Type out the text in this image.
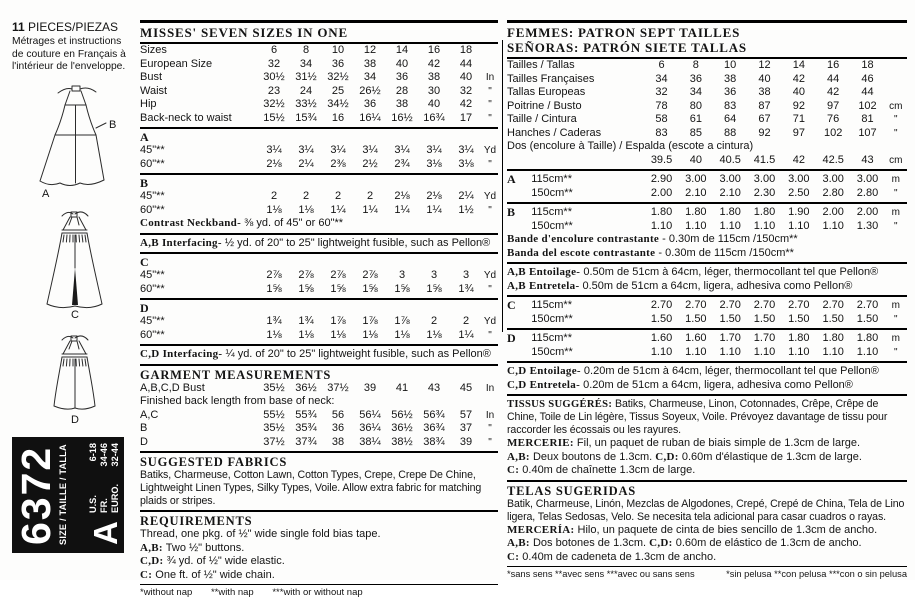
11 PIECES/PIEZAS
Métrages et instructions de couture en Français à l'intérieur de l'enveloppe.
B
A
C
D
6372 SIZE / TAILLE / TALLA A
U.S.
6-18
FR.
34-46
EURO.
32-44
MISSES' SEVEN SIZES IN ONE
Sizes	6	8	10	12	14	16	18	
European Size	32	34	36	38	40	42	44	
Bust	30½	31½	32½	34	36	38	40	In
Waist	23	24	25	26½	28	30	32	"
Hip	32½	33½	34½	36	38	40	42	"
Back-neck to waist	15½	15¾	16	16¼	16½	16¾	17	"
A
45"**	3¼	3¼	3¼	3¼	3¼	3¼	3¼	Yd
60"**	2⅛	2¼	2⅜	2½	2¾	3⅛	3⅛	"
B
45"**	2	2	2	2	2⅛	2⅛	2¼	Yd
60"**	1⅛	1⅛	1¼	1¼	1¼	1¼	1½	"
Contrast Neckband- ⅜ yd. of 45" or 60"**
A,B Interfacing- ½ yd. of 20" to 25" lightweight fusible, such as Pellon®
C
45"**	2⅞	2⅞	2⅞	2⅞	3	3	3	Yd
60"**	1⅝	1⅝	1⅝	1⅝	1⅝	1⅝	1¾	"
D
45"**	1¾	1¾	1⅞	1⅞	1⅞	2	2	Yd
60"**	1⅛	1⅛	1⅛	1⅛	1⅛	1⅛	1¼	"
C,D Interfacing- ¼ yd. of 20" to 25" lightweight fusible, such as Pellon®
GARMENT MEASUREMENTS
A,B,C,D Bust	35½	36½	37½	39	41	43	45	In
Finished back length from base of neck:								
A,C	55½	55¾	56	56¼	56½	56¾	57	In
B	35½	35¾	36	36¼	36½	36¾	37	"
D	37½	37¾	38	38¼	38½	38¾	39	"
SUGGESTED FABRICS
Batiks, Charmeuse, Cotton Lawn, Cotton Types, Crepe, Crepe De Chine, Lightweight Linen Types, Silky Types, Voile. Allow extra fabric for matching plaids or stripes.
REQUIREMENTS
Thread, one pkg. of ½" wide single fold bias tape.
A,B: Two ½" buttons.
C,D: ¾ yd. of ½" wide elastic.
C: One ft. of ½" wide chain.
*without nap **with nap ***with or without nap
FEMMES: PATRON SEPT TAILLES
SEÑORAS: PATRÓN SIETE TALLAS
Tailles / Tallas	6	8	10	12	14	16	18	
Tailles Françaises	34	36	38	40	42	44	46	
Tallas Europeas	32	34	36	38	40	42	44	
Poitrine / Busto	78	80	83	87	92	97	102	cm
Taille / Cintura	58	61	64	67	71	76	81	"
Hanches / Caderas	83	85	88	92	97	102	107	"
Dos (encolure à Taille) / Espalda (escote a cintura)								
	39.5	40	40.5	41.5	42	42.5	43	cm
A	115cm**	2.90	3.00	3.00	3.00	3.00	3.00	3.00	m
	150cm**	2.00	2.10	2.10	2.30	2.50	2.80	2.80	"
B	115cm**	1.80	1.80	1.80	1.80	1.90	2.00	2.00	m
	150cm**	1.10	1.10	1.10	1.10	1.10	1.10	1.30	"
Bande d'encolure contrastante - 0.30m de 115cm /150cm**
Banda del escote contrastante - 0.30m de 115cm /150cm**
A,B Entoilage- 0.50m de 51cm à 64cm, léger, thermocollant tel que Pellon®
A,B Entretela- 0.50m de 51cm a 64cm, ligera, adhesiva como Pellon®
C	115cm**	2.70	2.70	2.70	2.70	2.70	2.70	2.70	m
	150cm**	1.50	1.50	1.50	1.50	1.50	1.50	1.50	"
D	115cm**	1.60	1.60	1.70	1.70	1.80	1.80	1.80	m
	150cm**	1.10	1.10	1.10	1.10	1.10	1.10	1.10	"
C,D Entoilage- 0.20m de 51cm à 64cm, léger, thermocollant tel que Pellon®
C,D Entretela- 0.20m de 51cm a 64cm, ligera, adhesiva como Pellon®
TISSUS SUGGÉRÉS: Batiks, Charmeuse, Linon, Cotonnades, Crêpe, Crêpe de Chine, Toile de Lin légère, Tissus Soyeux, Voile. Prévoyez davantage de tissu pour raccorder les écossais ou les rayures.
MERCERIE: Fil, un paquet de ruban de biais simple de 1.3cm de large.
A,B: Deux boutons de 1.3cm. C,D: 0.60m d'élastique de 1.3cm de large.
C: 0.40m de chaînette 1.3cm de large.
TELAS SUGERIDAS
Batik, Charmeuse, Linón, Mezclas de Algodones, Crepé, Crepé de China, Tela de Lino ligera, Telas Sedosas, Velo. Se necesita tela adicional para casar cuadros o rayas.
MERCERÍA: Hilo, un paquete de cinta de bies sencillo de 1.3cm de ancho.
A,B: Dos botones de 1.3cm. C,D: 0.60m de elástico de 1.3cm de ancho.
C: 0.40m de cadeneta de 1.3cm de ancho.
*sans sens **avec sens ***avec ou sans sens	*sin pelusa **con pelusa ***con o sin pelusa
